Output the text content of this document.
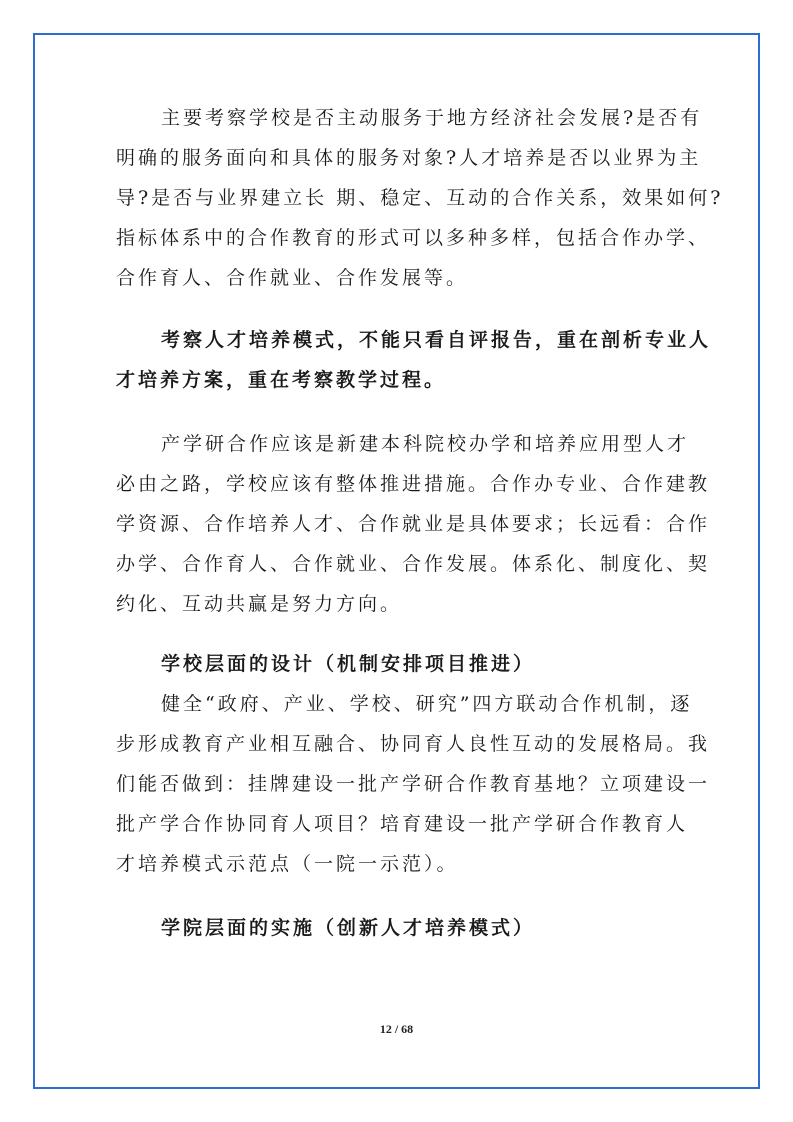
主要考察学校是否主动服务于地方经济社会发展?是否有
明确的服务面向和具体的服务对象?人才培养是否以业界为主
导?是否与业界建立长 期、稳定、互动的合作关系，效果如何?
指标体系中的合作教育的形式可以多种多样，包括合作办学、
合作育人、合作就业、合作发展等。

考察人才培养模式，不能只看自评报告，重在剖析专业人
才培养方案，重在考察教学过程。

产学研合作应该是新建本科院校办学和培养应用型人才
必由之路，学校应该有整体推进措施。合作办专业、合作建教
学资源、合作培养人才、合作就业是具体要求；长远看：合作
办学、合作育人、合作就业、合作发展。体系化、制度化、契
约化、互动共赢是努力方向。

学校层面的设计（机制安排项目推进）

健全“政府、产业、学校、研究”四方联动合作机制，逐
步形成教育产业相互融合、协同育人良性互动的发展格局。我
们能否做到：挂牌建设一批产学研合作教育基地？立项建设一
批产学合作协同育人项目？培育建设一批产学研合作教育人
才培养模式示范点（一院一示范）。

学院层面的实施（创新人才培养模式）

12 / 68
